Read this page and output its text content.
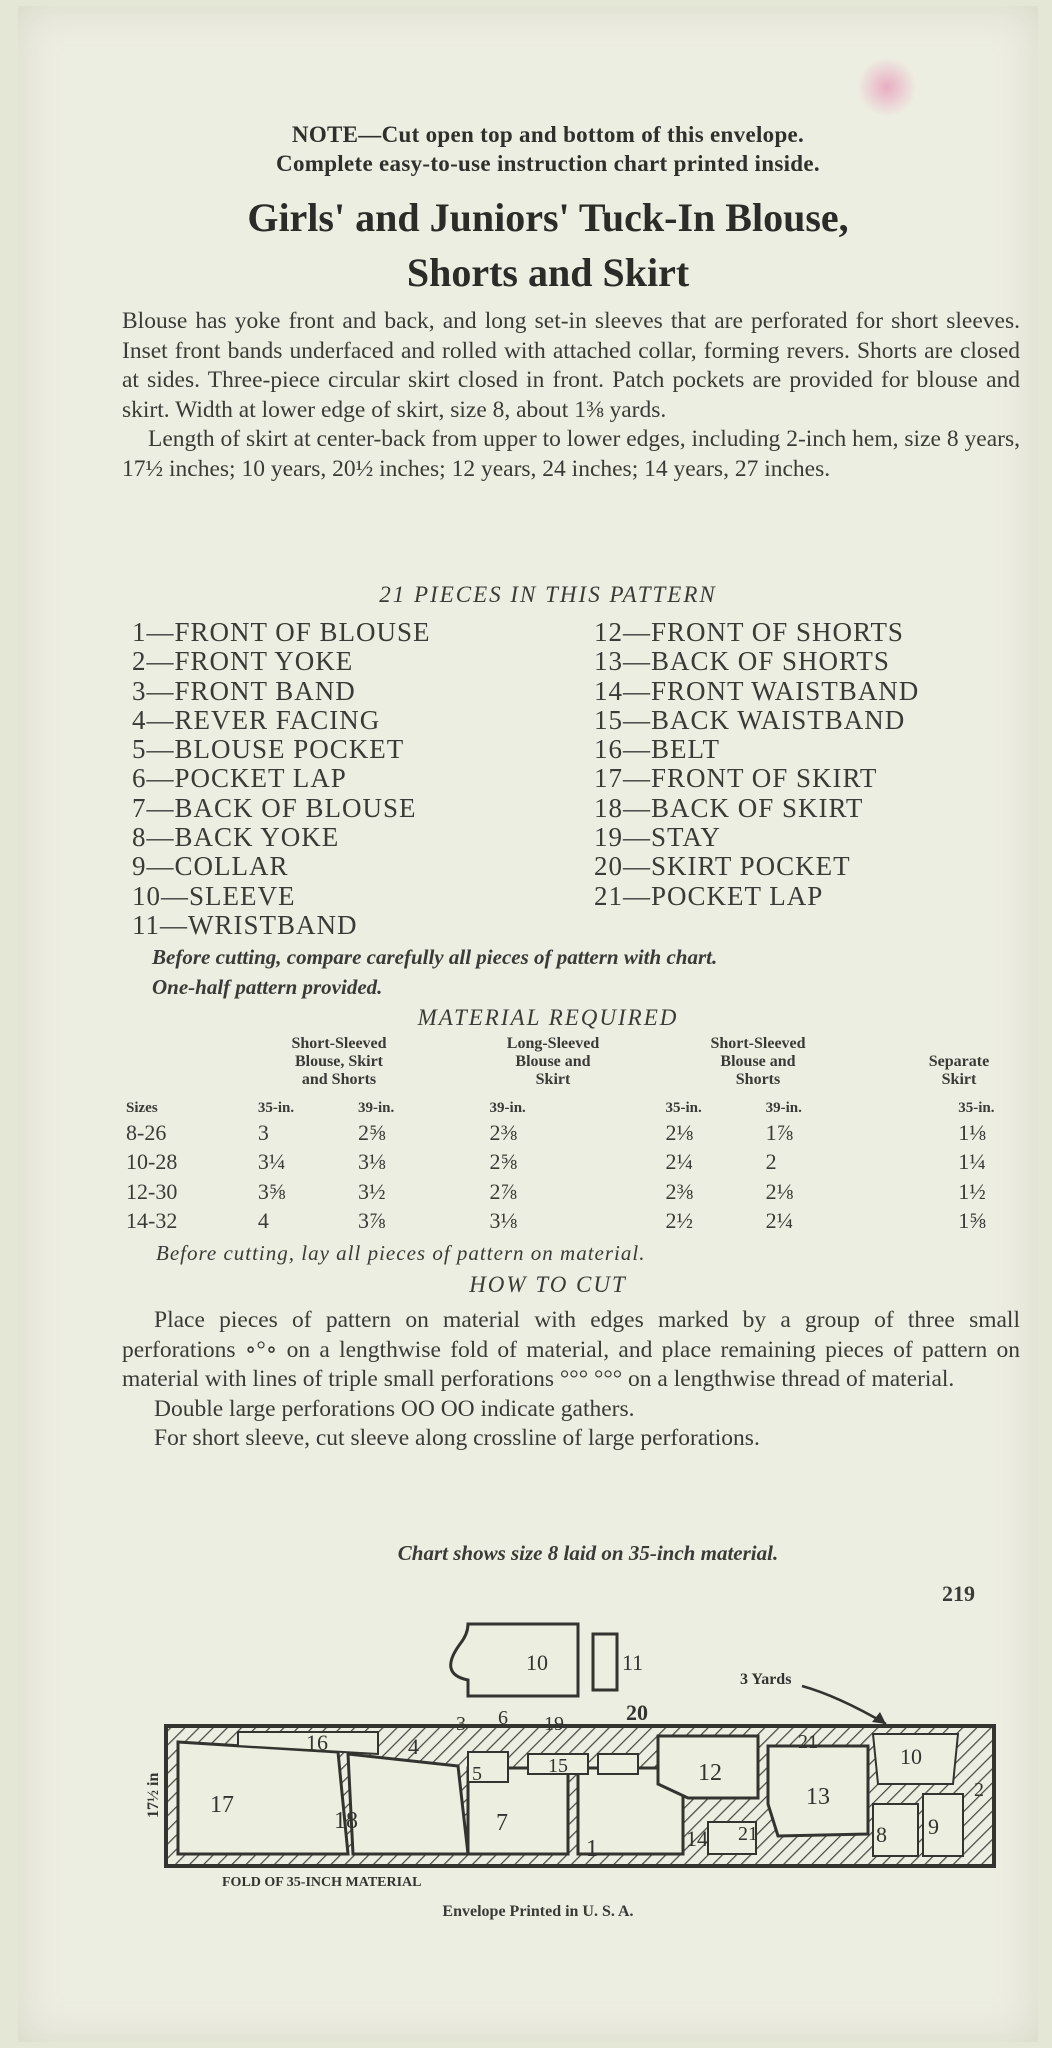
NOTE—Cut open top and bottom of this envelope.
Complete easy-to-use instruction chart printed inside.
Girls' and Juniors' Tuck-In Blouse,
Shorts and Skirt

Blouse has yoke front and back, and long set-in sleeves that are perforated for short sleeves. Inset front bands underfaced and rolled with attached collar, forming revers. Shorts are closed at sides. Three-piece circular skirt closed in front. Patch pockets are provided for blouse and skirt. Width at lower edge of skirt, size 8, about 1⅜ yards.

Length of skirt at center-back from upper to lower edges, including 2-inch hem, size 8 years, 17½ inches; 10 years, 20½ inches; 12 years, 24 inches; 14 years, 27 inches.

21 PIECES IN THIS PATTERN
1—FRONT OF BLOUSE
2—FRONT YOKE
3—FRONT BAND
4—REVER FACING
5—BLOUSE POCKET
6—POCKET LAP
7—BACK OF BLOUSE
8—BACK YOKE
9—COLLAR
10—SLEEVE
11—WRISTBAND
12—FRONT OF SHORTS
13—BACK OF SHORTS
14—FRONT WAISTBAND
15—BACK WAISTBAND
16—BELT
17—FRONT OF SKIRT
18—BACK OF SKIRT
19—STAY
20—SKIRT POCKET
21—POCKET LAP
Before cutting, compare carefully all pieces of pattern with chart.
One-half pattern provided.
MATERIAL REQUIRED
Short-Sleeved
Blouse, Skirt
and Shorts
Long-Sleeved
Blouse and
Skirt
Short-Sleeved
Blouse and
Shorts
Separate
Skirt
Sizes	35-in.	39-in.	39-in.	35-in.	39-in.	35-in.
8-26	3	2⅝	2⅜	2⅛	1⅞	1⅛
10-28	3¼	3⅛	2⅝	2¼	2	1¼
12-30	3⅝	3½	2⅞	2⅜	2⅛	1½
14-32	4	3⅞	3⅛	2½	2¼	1⅝
Before cutting, lay all pieces of pattern on material.
HOW TO CUT

Place pieces of pattern on material with edges marked by a group of three small perforations ∘°∘ on a lengthwise fold of material, and place remaining pieces of pattern on material with lines of triple small perforations °°° °°° on a lengthwise thread of material.

Double large perforations OO OO indicate gathers.

For short sleeve, cut sleeve along crossline of large perforations.

Chart shows size 8 laid on 35-inch material.
219
3 Yards
17½ in
FOLD OF 35-INCH MATERIAL
1
3
4
5
6
7	8 9
10
10	11
12
13
14
15
16
17
18
19	20
21
21
2
Envelope Printed in U. S. A.
